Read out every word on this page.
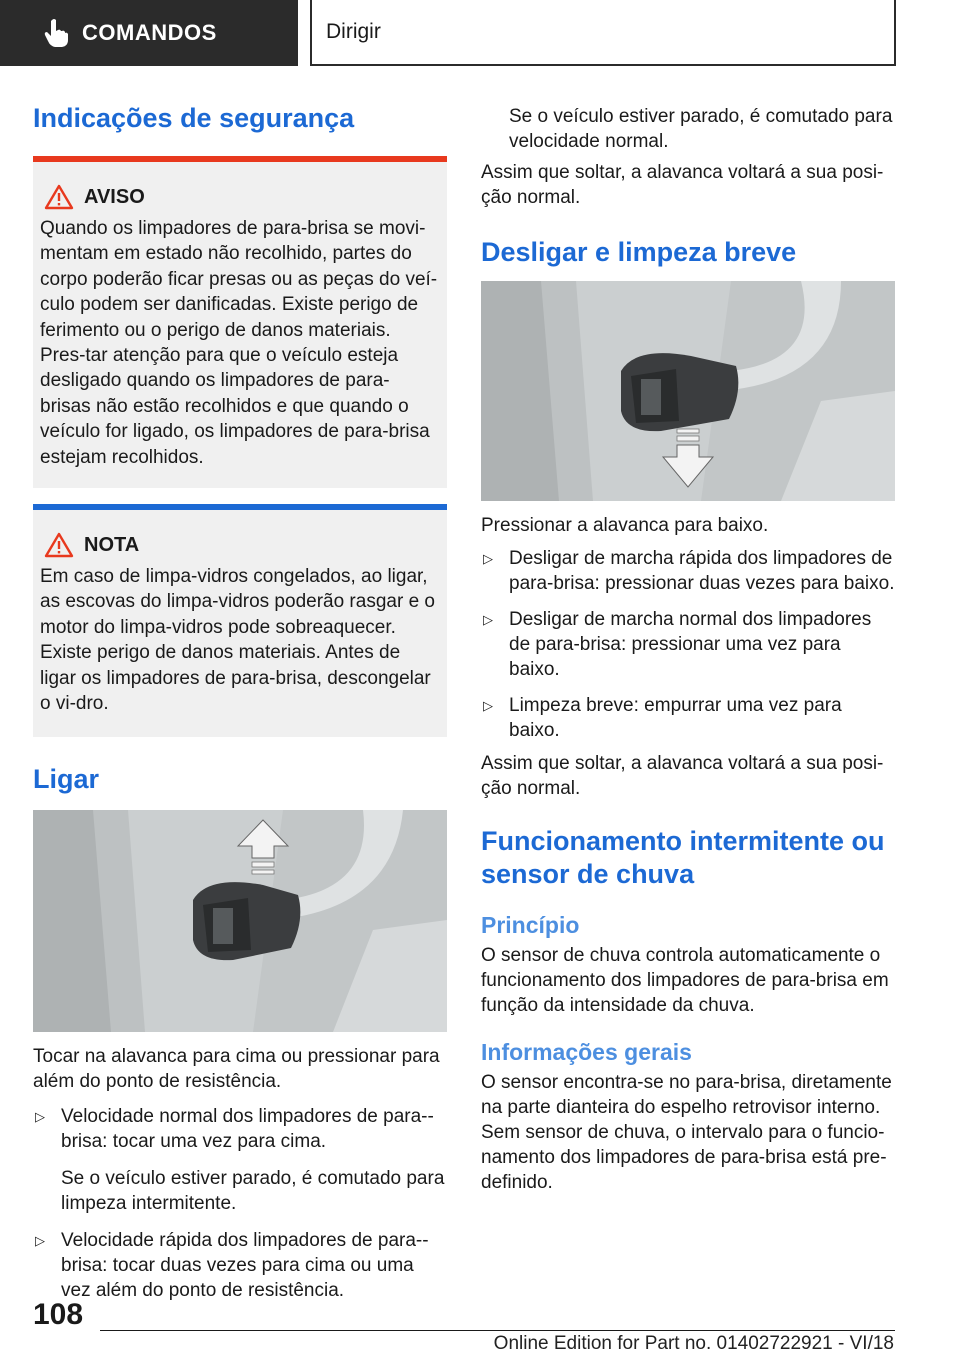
COMANDOS	Dirigir
Indicações de segurança
AVISO

Quando os limpadores de para-brisa se movi-mentam em estado não recolhido, partes do corpo poderão ficar presas ou as peças do veí-culo podem ser danificadas. Existe perigo de ferimento ou o perigo de danos materiais. Pres-tar atenção para que o veículo esteja desligado quando os limpadores de para-brisas não estão recolhidos e que quando o veículo for ligado, os limpadores de para-brisa estejam recolhidos.

NOTA

Em caso de limpa-vidros congelados, ao ligar, as escovas do limpa-vidros poderão rasgar e o motor do limpa-vidros pode sobreaquecer. Existe perigo de danos materiais. Antes de ligar os limpadores de para-brisa, descongelar o vi-dro.

Ligar

Tocar na alavanca para cima ou pressionar para além do ponto de resistência.

▷ Velocidade normal dos limpadores de para--brisa: tocar uma vez para cima.

Se o veículo estiver parado, é comutado para limpeza intermitente.

▷ Velocidade rápida dos limpadores de para--brisa: tocar duas vezes para cima ou uma vez além do ponto de resistência.

Se o veículo estiver parado, é comutado para velocidade normal.

Assim que soltar, a alavanca voltará a sua posi-ção normal.

Desligar e limpeza breve

Pressionar a alavanca para baixo.

▷ Desligar de marcha rápida dos limpadores de para-brisa: pressionar duas vezes para baixo.
▷ Desligar de marcha normal dos limpadores de para-brisa: pressionar uma vez para baixo.
▷ Limpeza breve: empurrar uma vez para baixo.

Assim que soltar, a alavanca voltará a sua posi-ção normal.

Funcionamento intermitente ou sensor de chuva
Princípio

O sensor de chuva controla automaticamente o funcionamento dos limpadores de para-brisa em função da intensidade da chuva.

Informações gerais

O sensor encontra-se no para-brisa, diretamente na parte dianteira do espelho retrovisor interno. Sem sensor de chuva, o intervalo para o funcio-namento dos limpadores de para-brisa está pre-definido.

108
Online Edition for Part no. 01402722921 - VI/18
